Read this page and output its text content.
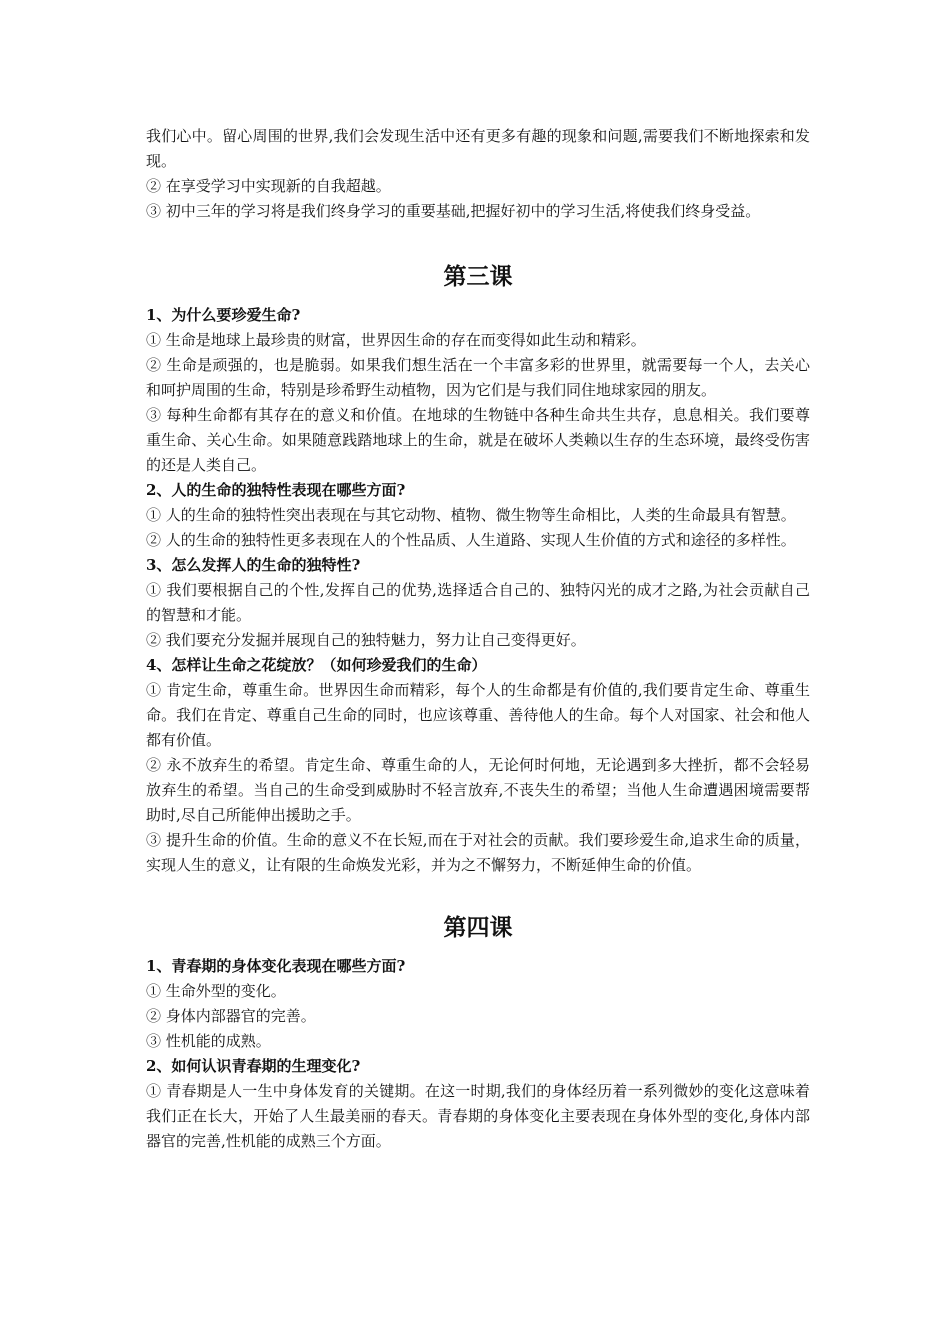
我们心中。留心周围的世界,我们会发现生活中还有更多有趣的现象和问题,需要我们不断地探索和发现。

② 在享受学习中实现新的自我超越。

③ 初中三年的学习将是我们终身学习的重要基础,把握好初中的学习生活,将使我们终身受益。

第三课

1、为什么要珍爱生命?

① 生命是地球上最珍贵的财富，世界因生命的存在而变得如此生动和精彩。

② 生命是顽强的，也是脆弱。如果我们想生活在一个丰富多彩的世界里，就需要每一个人，去关心和呵护周围的生命，特别是珍希野生动植物，因为它们是与我们同住地球家园的朋友。

③ 每种生命都有其存在的意义和价值。在地球的生物链中各种生命共生共存，息息相关。我们要尊重生命、关心生命。如果随意践踏地球上的生命，就是在破坏人类赖以生存的生态环境，最终受伤害的还是人类自己。

2、人的生命的独特性表现在哪些方面?

① 人的生命的独特性突出表现在与其它动物、植物、微生物等生命相比，人类的生命最具有智慧。

② 人的生命的独特性更多表现在人的个性品质、人生道路、实现人生价值的方式和途径的多样性。

3、怎么发挥人的生命的独特性?

① 我们要根据自己的个性,发挥自己的优势,选择适合自己的、独特闪光的成才之路,为社会贡献自己的智慧和才能。

② 我们要充分发掘并展现自己的独特魅力，努力让自己变得更好。

4、怎样让生命之花绽放？（如何珍爱我们的生命）

① 肯定生命，尊重生命。世界因生命而精彩，每个人的生命都是有价值的,我们要肯定生命、尊重生命。我们在肯定、尊重自己生命的同时，也应该尊重、善待他人的生命。每个人对国家、社会和他人都有价值。

② 永不放弃生的希望。肯定生命、尊重生命的人，无论何时何地，无论遇到多大挫折，都不会轻易放弃生的希望。当自己的生命受到威胁时不轻言放弃,不丧失生的希望；当他人生命遭遇困境需要帮助时,尽自己所能伸出援助之手。

③ 提升生命的价值。生命的意义不在长短,而在于对社会的贡献。我们要珍爱生命,追求生命的质量，实现人生的意义，让有限的生命焕发光彩，并为之不懈努力，不断延伸生命的价值。

第四课

1、青春期的身体变化表现在哪些方面?

① 生命外型的变化。

② 身体内部器官的完善。

③ 性机能的成熟。

2、如何认识青春期的生理变化?

① 青春期是人一生中身体发育的关键期。在这一时期,我们的身体经历着一系列微妙的变化这意味着我们正在长大，开始了人生最美丽的春天。青春期的身体变化主要表现在身体外型的变化,身体内部器官的完善,性机能的成熟三个方面。
